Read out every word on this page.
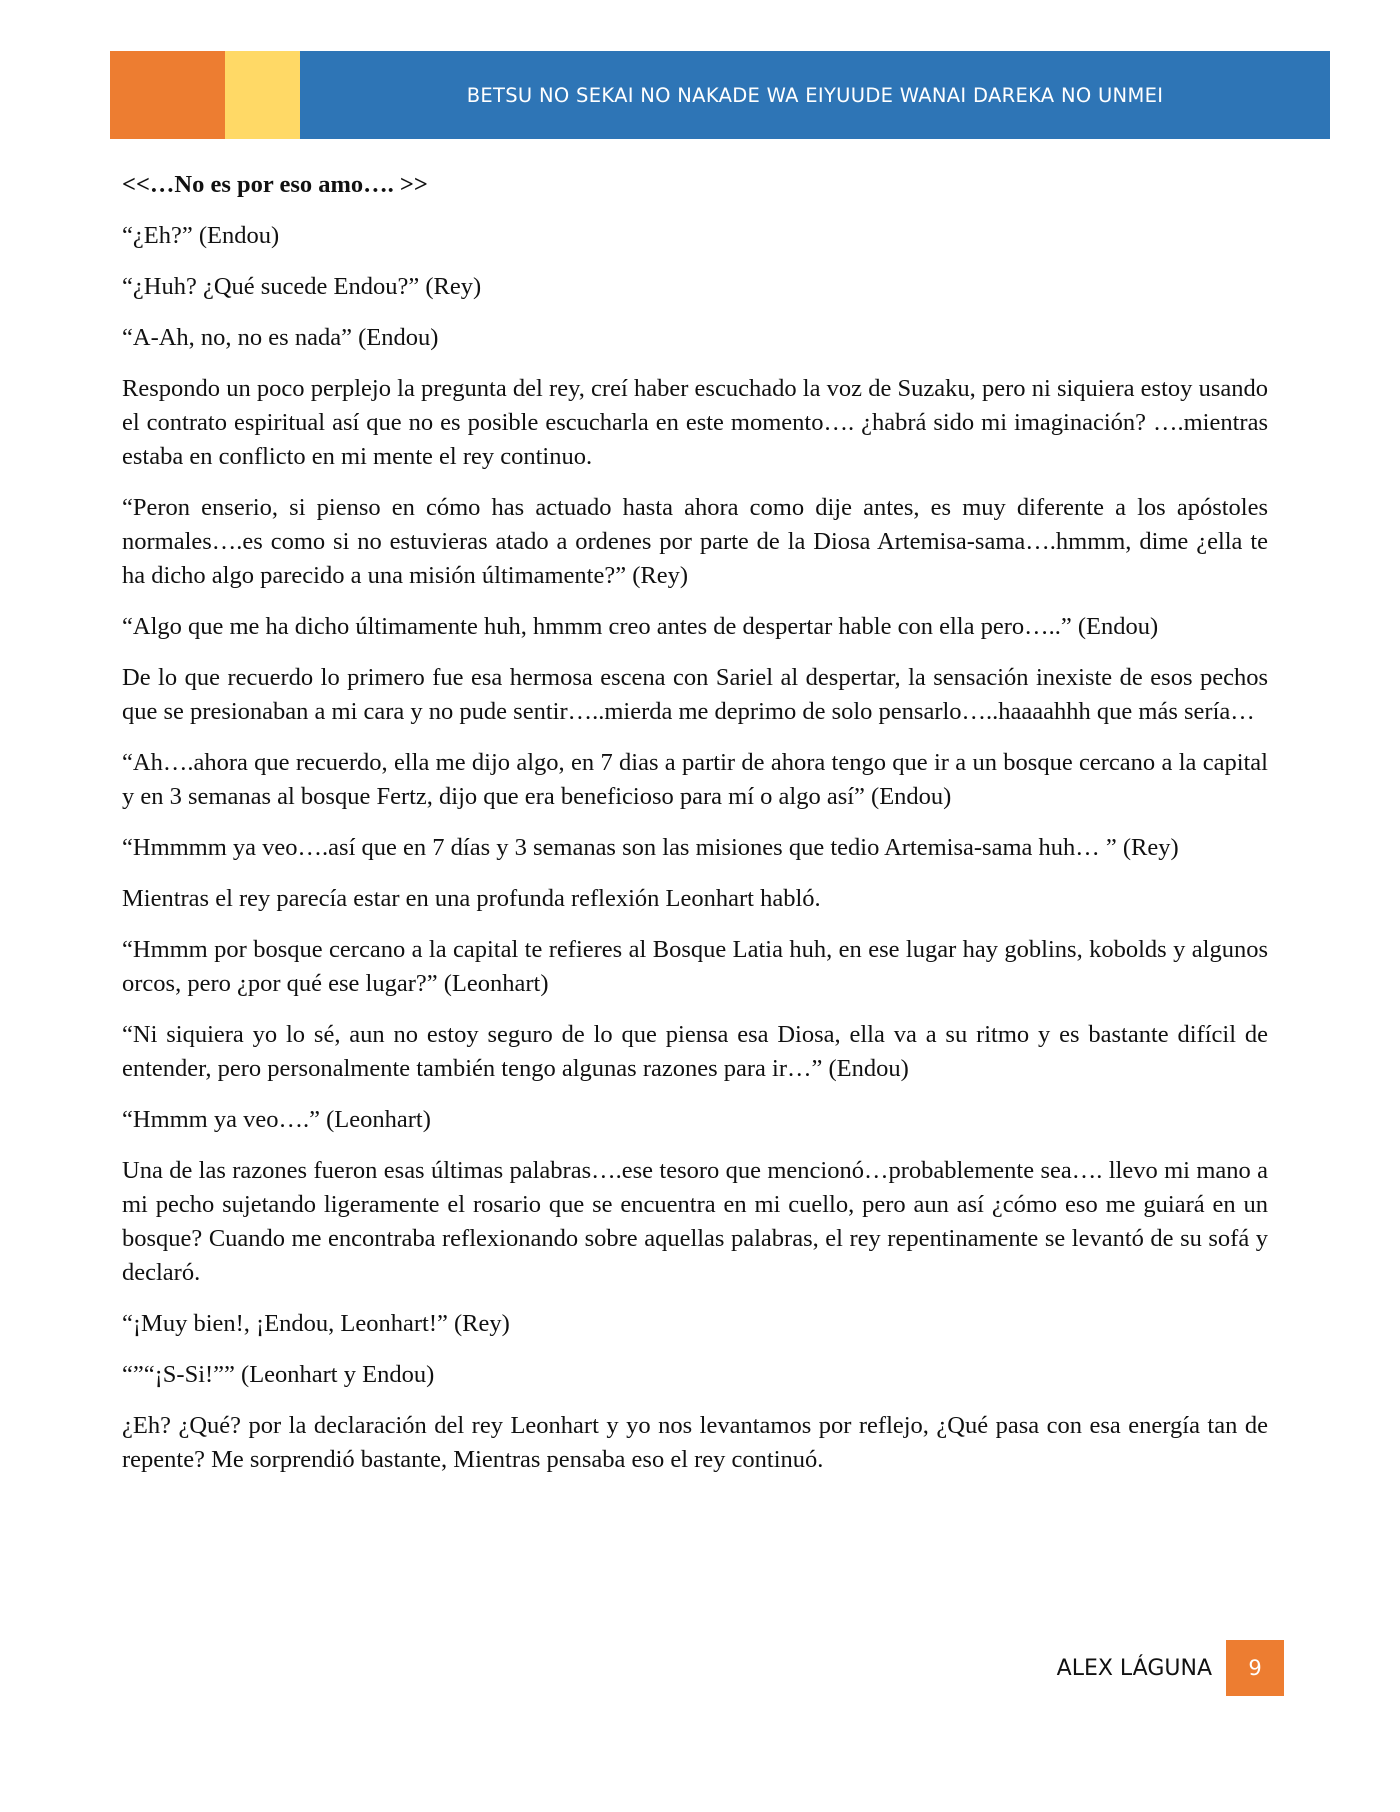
BETSU NO SEKAI NO NAKADE WA EIYUUDE WANAI DAREKA NO UNMEI

<<…No es por eso amo…. >>

“¿Eh?” (Endou)

“¿Huh? ¿Qué sucede Endou?” (Rey)

“A-Ah, no, no es nada” (Endou)

Respondo un poco perplejo la pregunta del rey, creí haber escuchado la voz de Suzaku, pero ni siquiera estoy usando el contrato espiritual así que no es posible escucharla en este momento…. ¿habrá sido mi imaginación? ….mientras estaba en conflicto en mi mente el rey continuo.

“Peron enserio, si pienso en cómo has actuado hasta ahora como dije antes, es muy diferente a los apóstoles normales….es como si no estuvieras atado a ordenes por parte de la Diosa Artemisa-sama….hmmm, dime ¿ella te ha dicho algo parecido a una misión últimamente?” (Rey)

“Algo que me ha dicho últimamente huh, hmmm creo antes de despertar hable con ella pero…..” (Endou)

De lo que recuerdo lo primero fue esa hermosa escena con Sariel al despertar, la sensación inexiste de esos pechos que se presionaban a mi cara y no pude sentir…..mierda me deprimo de solo pensarlo…..haaaahhh que más sería…

“Ah….ahora que recuerdo, ella me dijo algo, en 7 dias a partir de ahora tengo que ir a un bosque cercano a la capital y en 3 semanas al bosque Fertz, dijo que era beneficioso para mí o algo así” (Endou)

“Hmmmm ya veo….así que en 7 días y 3 semanas son las misiones que tedio Artemisa-sama huh… ” (Rey)

Mientras el rey parecía estar en una profunda reflexión Leonhart habló.

“Hmmm por bosque cercano a la capital te refieres al Bosque Latia huh, en ese lugar hay goblins, kobolds y algunos orcos, pero ¿por qué ese lugar?” (Leonhart)

“Ni siquiera yo lo sé, aun no estoy seguro de lo que piensa esa Diosa, ella va a su ritmo y es bastante difícil de entender, pero personalmente también tengo algunas razones para ir…” (Endou)

“Hmmm ya veo….” (Leonhart)

Una de las razones fueron esas últimas palabras….ese tesoro que mencionó…probablemente sea…. llevo mi mano a mi pecho sujetando ligeramente el rosario que se encuentra en mi cuello, pero aun así ¿cómo eso me guiará en un bosque? Cuando me encontraba reflexionando sobre aquellas palabras, el rey repentinamente se levantó de su sofá y declaró.

“¡Muy bien!, ¡Endou, Leonhart!” (Rey)

“”“¡S-Si!”” (Leonhart y Endou)

¿Eh? ¿Qué? por la declaración del rey Leonhart y yo nos levantamos por reflejo, ¿Qué pasa con esa energía tan de repente? Me sorprendió bastante, Mientras pensaba eso el rey continuó.

ALEX LÁGUNA	9
